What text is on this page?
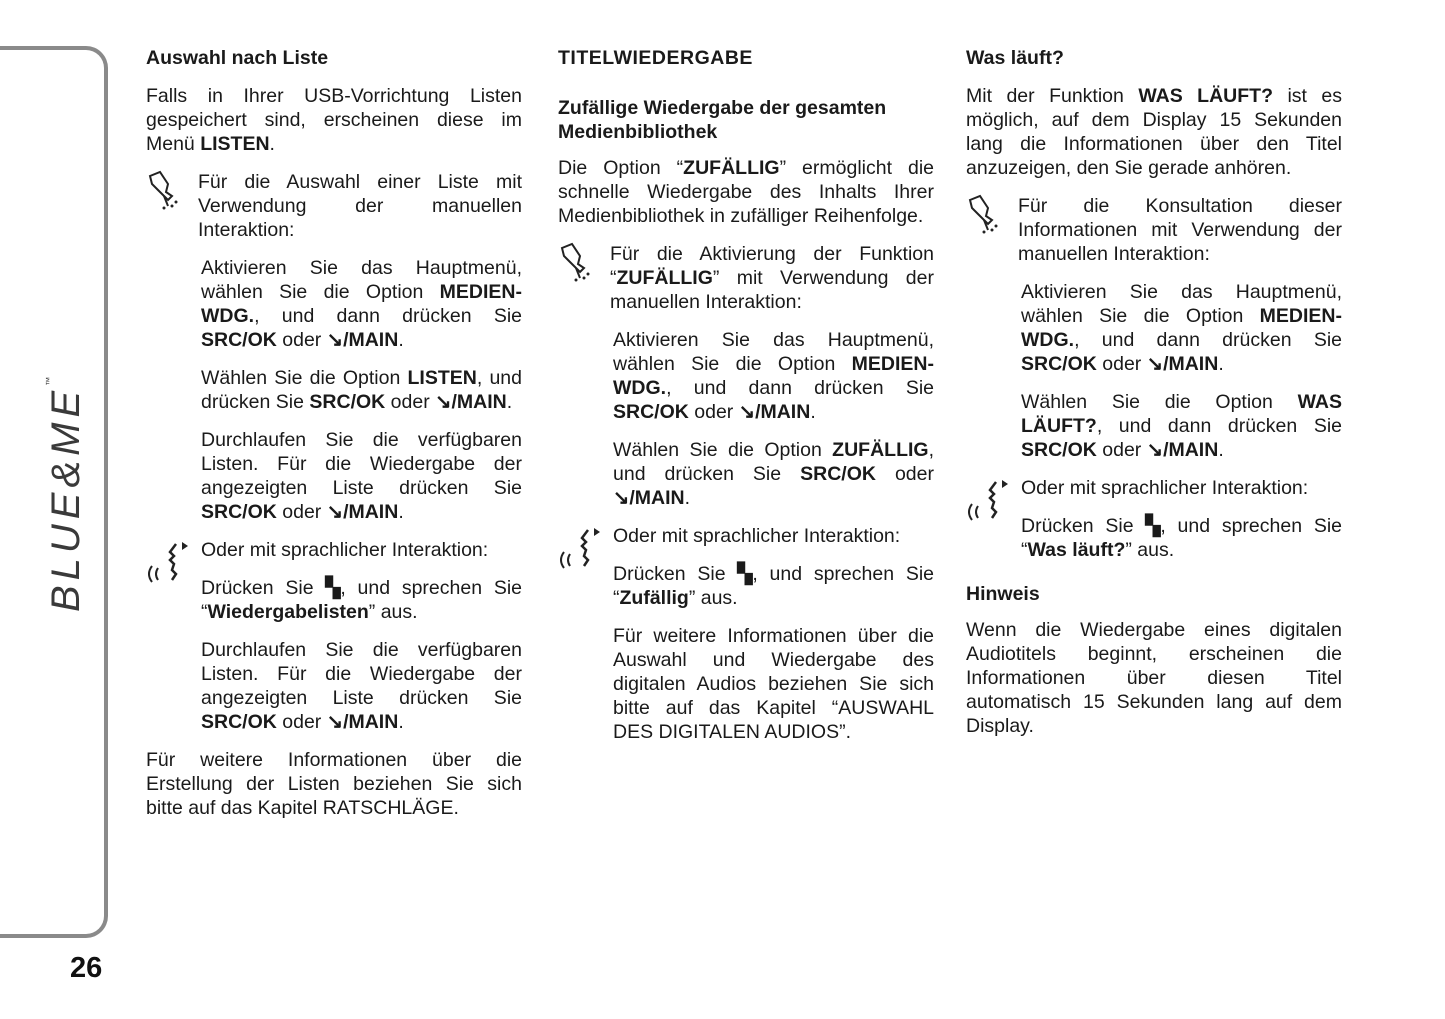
BLUE&ME™
26
Auswahl nach Liste

Falls in Ihrer USB-Vorrichtung Listen gespeichert sind, erscheinen diese im Menü LISTEN.

Für die Auswahl einer Liste mit Verwendung der manuellen Interaktion:

Aktivieren Sie das Hauptmenü, wählen Sie die Option MEDIEN-WDG., und dann drücken Sie SRC/OK oder ↘/MAIN.

Wählen Sie die Option LISTEN, und drücken Sie SRC/OK oder ↘/MAIN.

Durchlaufen Sie die verfügbaren Listen. Für die Wiedergabe der angezeigten Liste drücken Sie SRC/OK oder ↘/MAIN.

Oder mit sprachlicher Interaktion:

Drücken Sie ▚, und sprechen Sie “Wiedergabelisten” aus.

Durchlaufen Sie die verfügbaren Listen. Für die Wiedergabe der angezeigten Liste drücken Sie SRC/OK oder ↘/MAIN.

Für weitere Informationen über die Erstellung der Listen beziehen Sie sich bitte auf das Kapitel RATSCHLÄGE.

TITELWIEDERGABE
Zufällige Wiedergabe der gesamten Medienbibliothek

Die Option “ZUFÄLLIG” ermöglicht die schnelle Wiedergabe des Inhalts Ihrer Medienbibliothek in zufälliger Reihenfolge.

Für die Aktivierung der Funktion “ZUFÄLLIG” mit Verwendung der manuellen Interaktion:

Aktivieren Sie das Hauptmenü, wählen Sie die Option MEDIEN-WDG., und dann drücken Sie SRC/OK oder ↘/MAIN.

Wählen Sie die Option ZUFÄLLIG, und drücken Sie SRC/OK oder ↘/MAIN.

Oder mit sprachlicher Interaktion:

Drücken Sie ▚, und sprechen Sie “Zufällig” aus.

Für weitere Informationen über die Auswahl und Wiedergabe des digitalen Audios beziehen Sie sich bitte auf das Kapitel “AUSWAHL DES DIGITALEN AUDIOS”.

Was läuft?

Mit der Funktion WAS LÄUFT? ist es möglich, auf dem Display 15 Sekunden lang die Informationen über den Titel anzuzeigen, den Sie gerade anhören.

Für die Konsultation dieser Informationen mit Verwendung der manuellen Interaktion:

Aktivieren Sie das Hauptmenü, wählen Sie die Option MEDIEN-WDG., und dann drücken Sie SRC/OK oder ↘/MAIN.

Wählen Sie die Option WAS LÄUFT?, und dann drücken Sie SRC/OK oder ↘/MAIN.

Oder mit sprachlicher Interaktion:

Drücken Sie ▚, und sprechen Sie “Was läuft?” aus.

Hinweis

Wenn die Wiedergabe eines digitalen Audiotitels beginnt, erscheinen die Informationen über diesen Titel automatisch 15 Sekunden lang auf dem Display.
